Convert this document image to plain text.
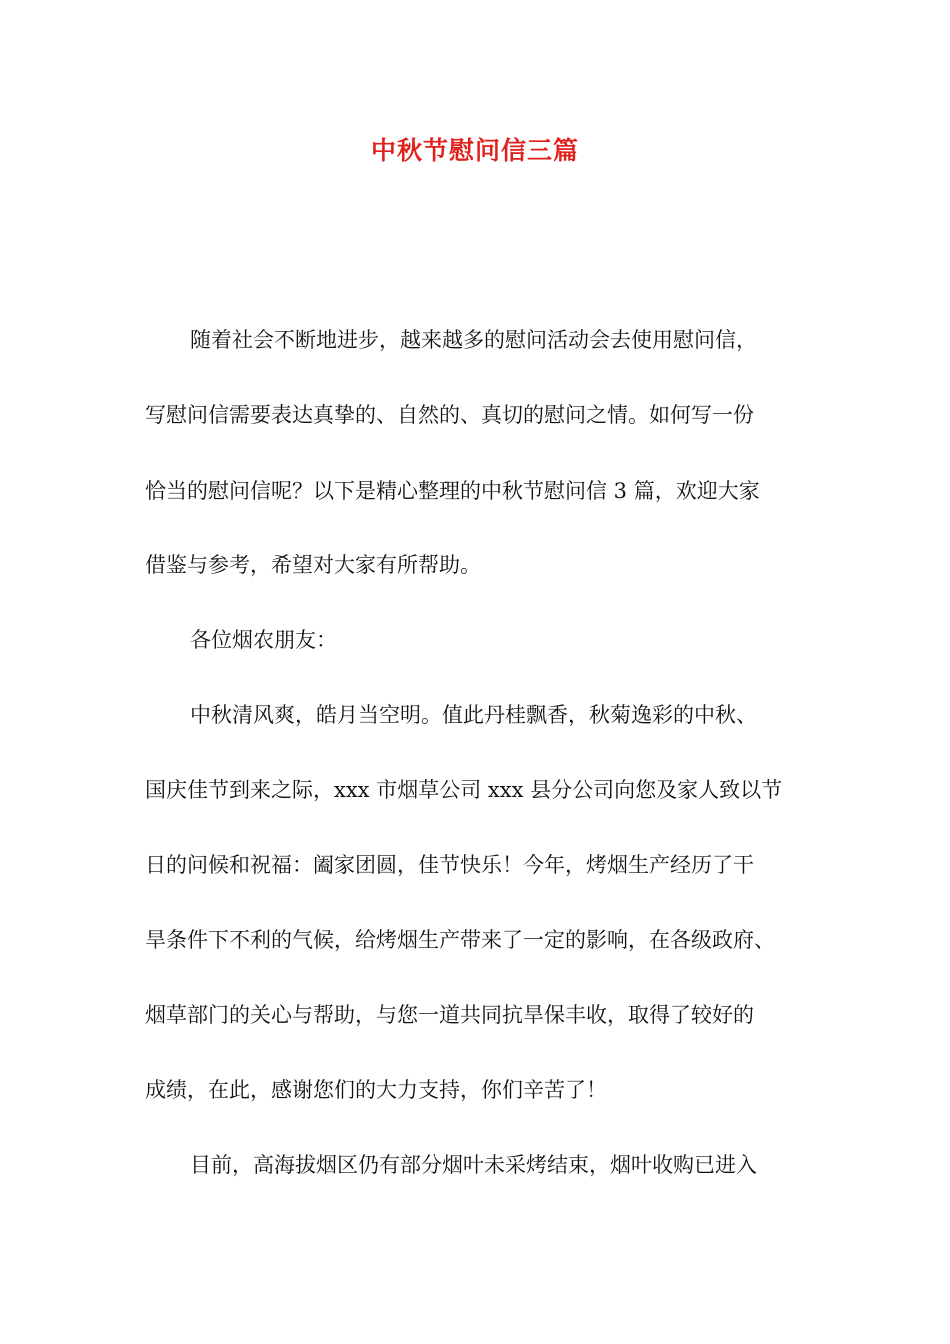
中秋节慰问信三篇
随着社会不断地进步，越来越多的慰问活动会去使用慰问信，
写慰问信需要表达真挚的、自然的、真切的慰问之情。如何写一份
恰当的慰问信呢？以下是精心整理的中秋节慰问信 3 篇，欢迎大家
借鉴与参考，希望对大家有所帮助。
各位烟农朋友：
中秋清风爽，皓月当空明。值此丹桂飘香，秋菊逸彩的中秋、
国庆佳节到来之际，xxx 市烟草公司 xxx 县分公司向您及家人致以节
日的问候和祝福：阖家团圆，佳节快乐！今年，烤烟生产经历了干
旱条件下不利的气候，给烤烟生产带来了一定的影响，在各级政府、
烟草部门的关心与帮助，与您一道共同抗旱保丰收，取得了较好的
成绩，在此，感谢您们的大力支持，你们辛苦了！
目前，高海拔烟区仍有部分烟叶未采烤结束，烟叶收购已进入
